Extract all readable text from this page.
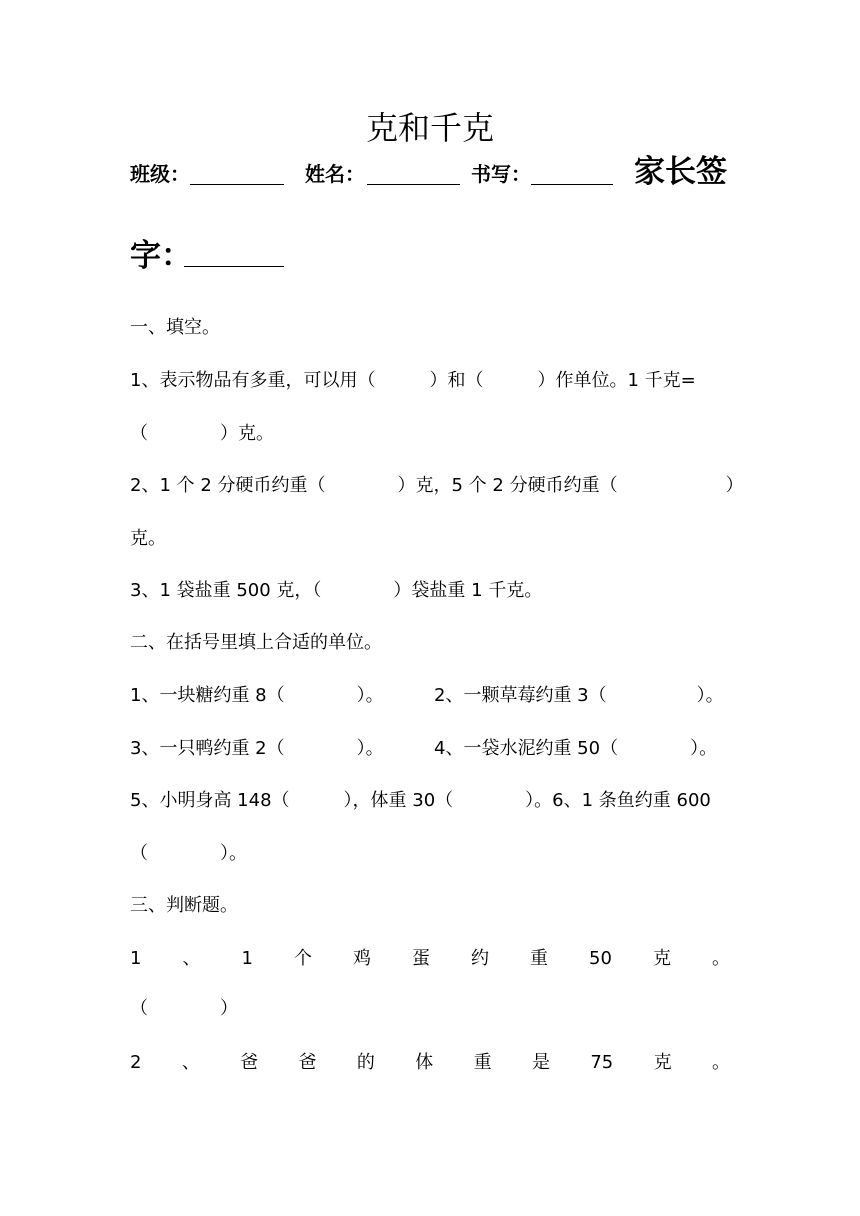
克和千克
班级：	姓名：	书写：	家长签
字：
一、填空。
1、表示物品有多重，可以用（　　　）和（　　　）作单位。1 千克=
（　　　　）克。
2、1 个 2 分硬币约重（　　　　）克，5 个 2 分硬币约重（　　　　　　）
克。
3、1 袋盐重 500 克，（　　　　）袋盐重 1 千克。
二、在括号里填上合适的单位。
1、一块糖约重 8（　　　　）。	2、一颗草莓约重 3（　　　　　）。
3、一只鸭约重 2（　　　　）。	4、一袋水泥约重 50（　　　　）。
5、小明身高 148（　　　），体重 30（　　　　）。6、1 条鱼约重 600
（　　　　）。
三、判断题。
1 、 1 个 鸡 蛋 约 重 50 克 。
（　　　　）
2 、 爸 爸 的 体 重 是 75 克 。
